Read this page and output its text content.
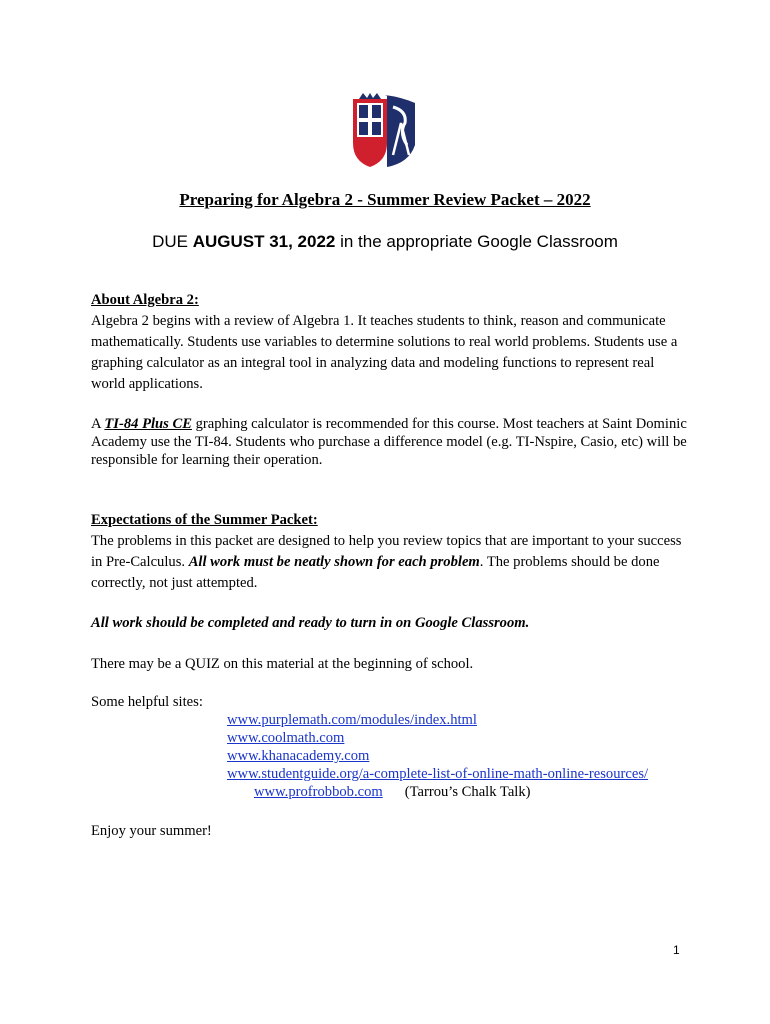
Preparing for Algebra 2 - Summer Review Packet – 2022
DUE AUGUST 31, 2022 in the appropriate Google Classroom
About Algebra 2:
Algebra 2 begins with a review of Algebra 1. It teaches students to think, reason and communicate mathematically. Students use variables to determine solutions to real world problems. Students use a graphing calculator as an integral tool in analyzing data and modeling functions to represent real world applications.
A TI-84 Plus CE graphing calculator is recommended for this course. Most teachers at Saint Dominic Academy use the TI-84. Students who purchase a difference model (e.g. TI-Nspire, Casio, etc) will be responsible for learning their operation.
Expectations of the Summer Packet:
The problems in this packet are designed to help you review topics that are important to your success in Pre-Calculus. All work must be neatly shown for each problem. The problems should be done correctly, not just attempted.
All work should be completed and ready to turn in on Google Classroom.
There may be a QUIZ on this material at the beginning of school.
Some helpful sites:
www.purplemath.com/modules/index.html
www.coolmath.com
www.khanacademy.com
www.studentguide.org/a-complete-list-of-online-math-online-resources/
www.profrobbob.com (Tarrou’s Chalk Talk)
Enjoy your summer!
1
